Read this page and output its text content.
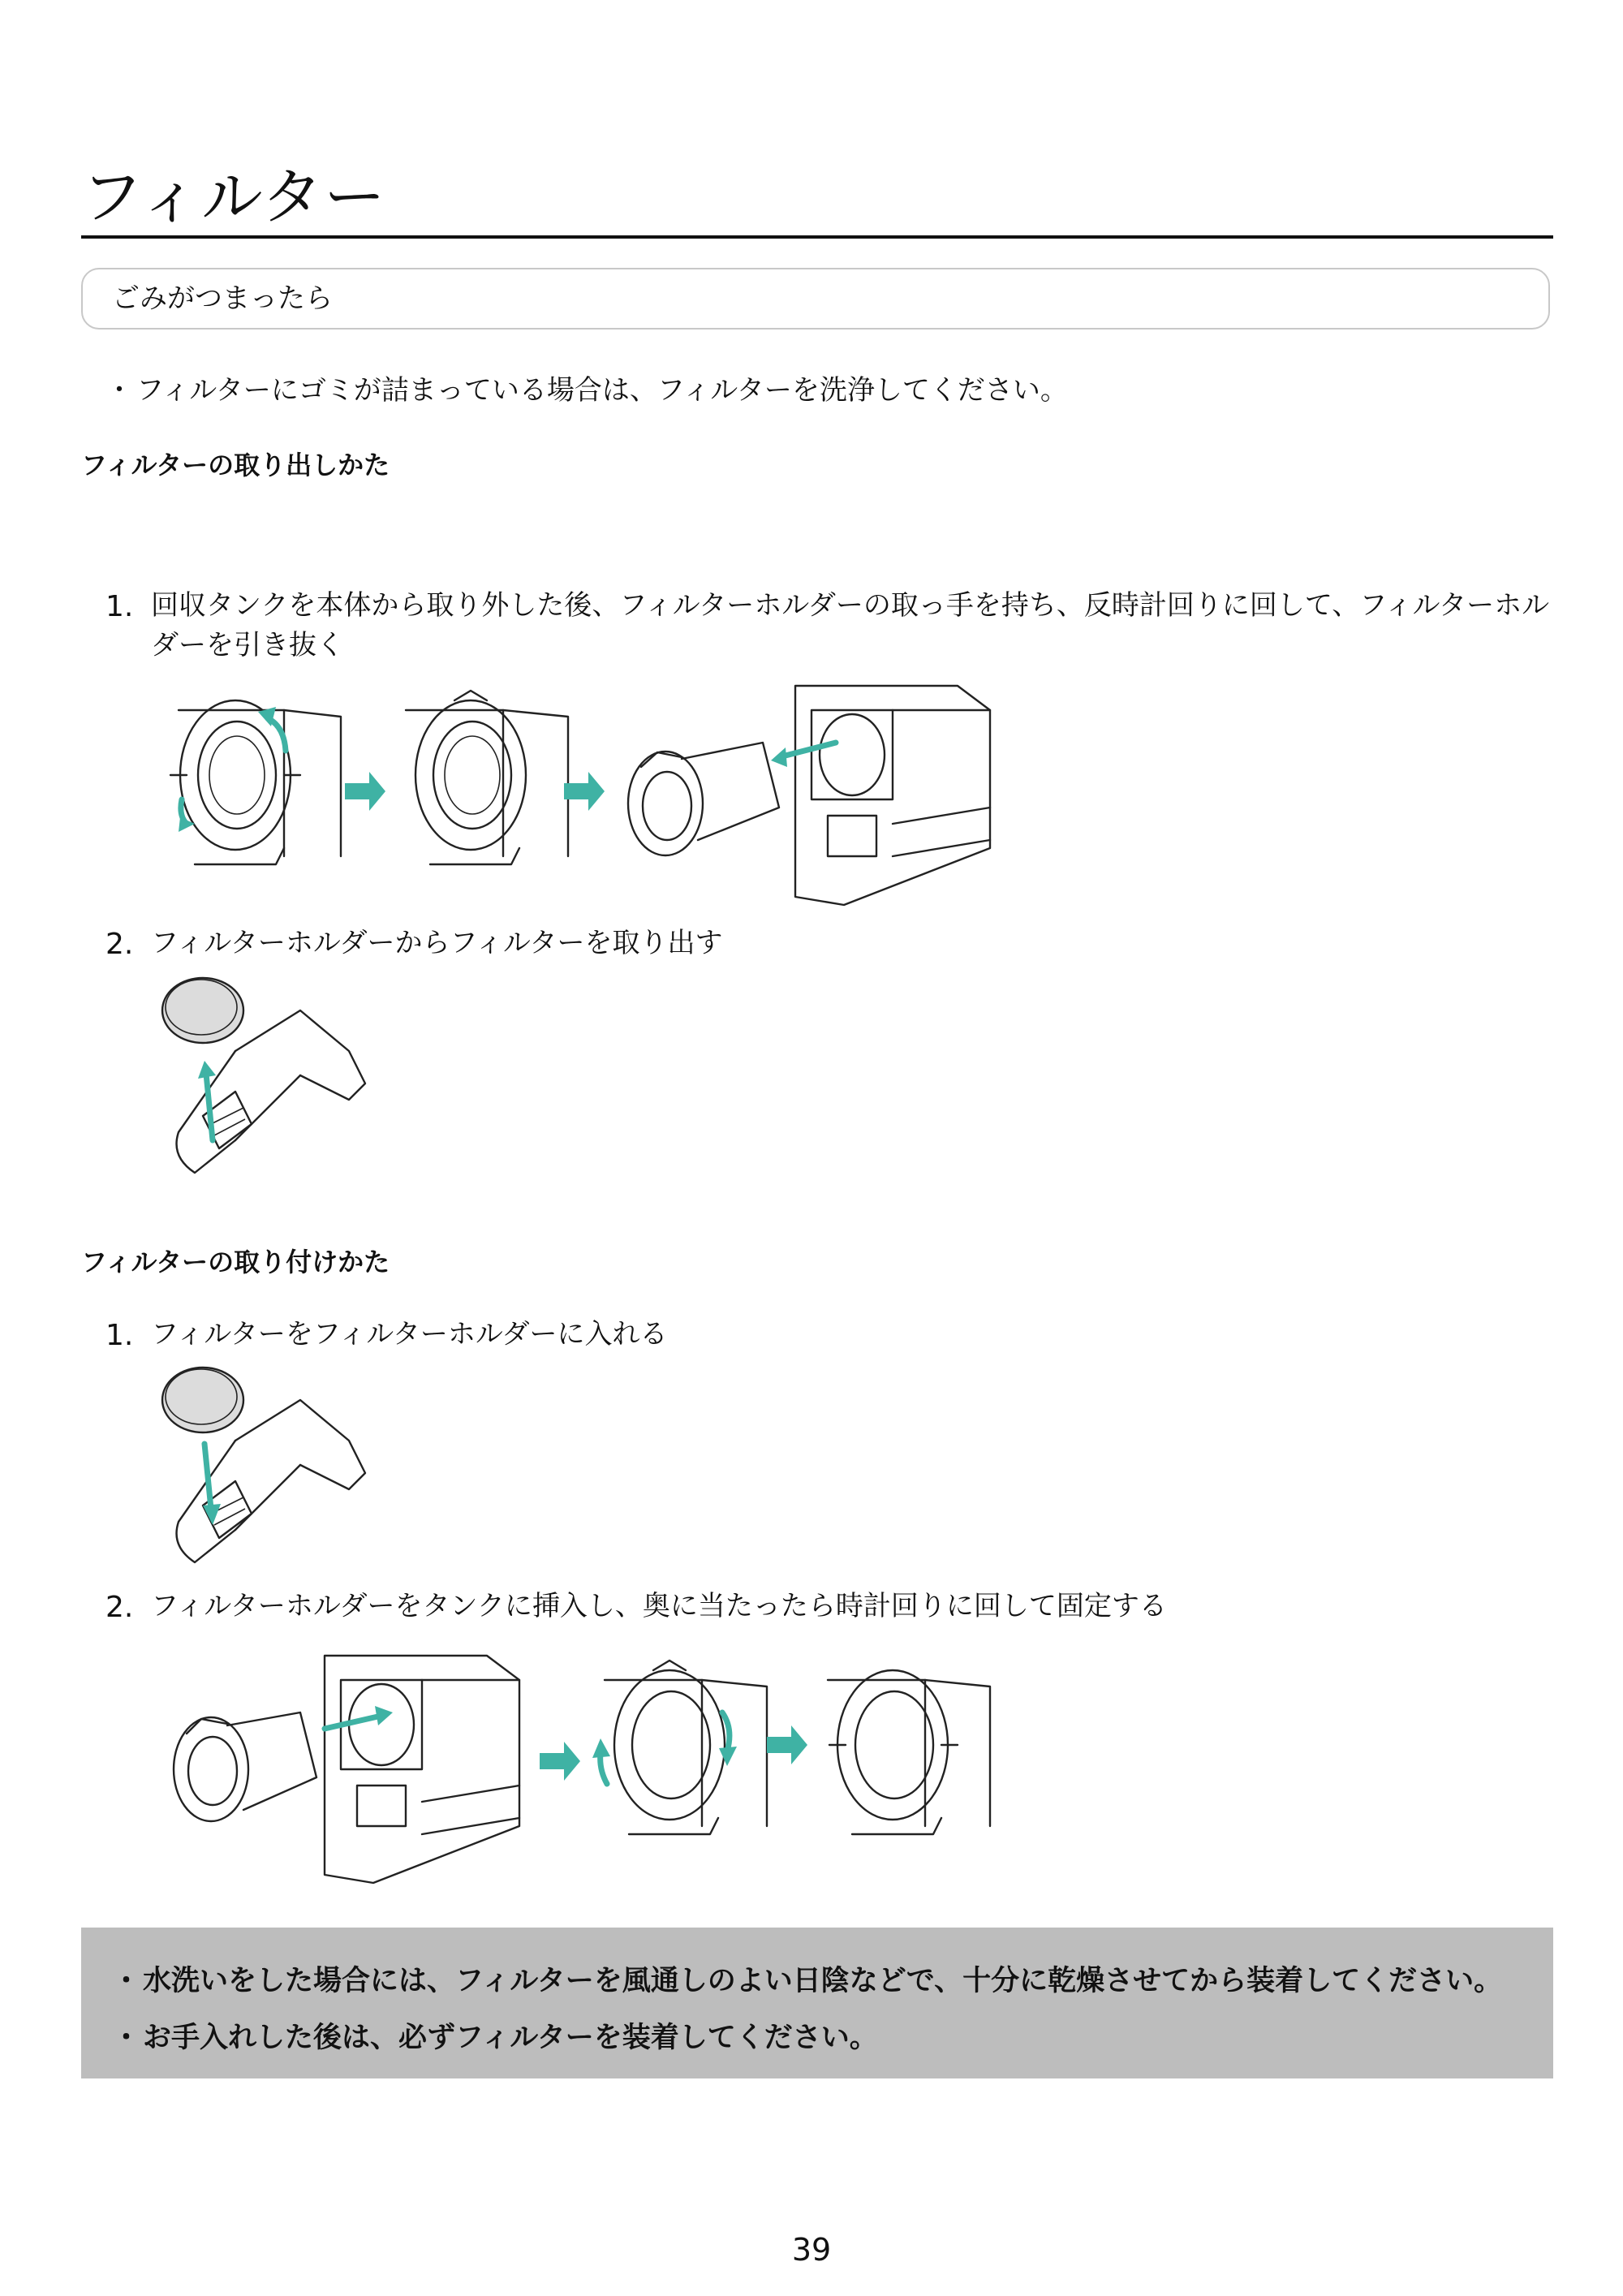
フィルター
ごみがつまったら
・ フィルターにゴミが詰まっている場合は、フィルターを洗浄してください。
フィルターの取り出しかた
1. 回収タンクを本体から取り外した後、フィルターホルダーの取っ手を持ち、反時計回りに回して、フィルターホルダーを引き抜く
2. フィルターホルダーからフィルターを取り出す
フィルターの取り付けかた
1. フィルターをフィルターホルダーに入れる
2. フィルターホルダーをタンクに挿入し、奥に当たったら時計回りに回して固定する
・水洗いをした場合には、フィルターを風通しのよい日陰などで、十分に乾燥させてから装着してください。
・お手入れした後は、必ずフィルターを装着してください。
39
